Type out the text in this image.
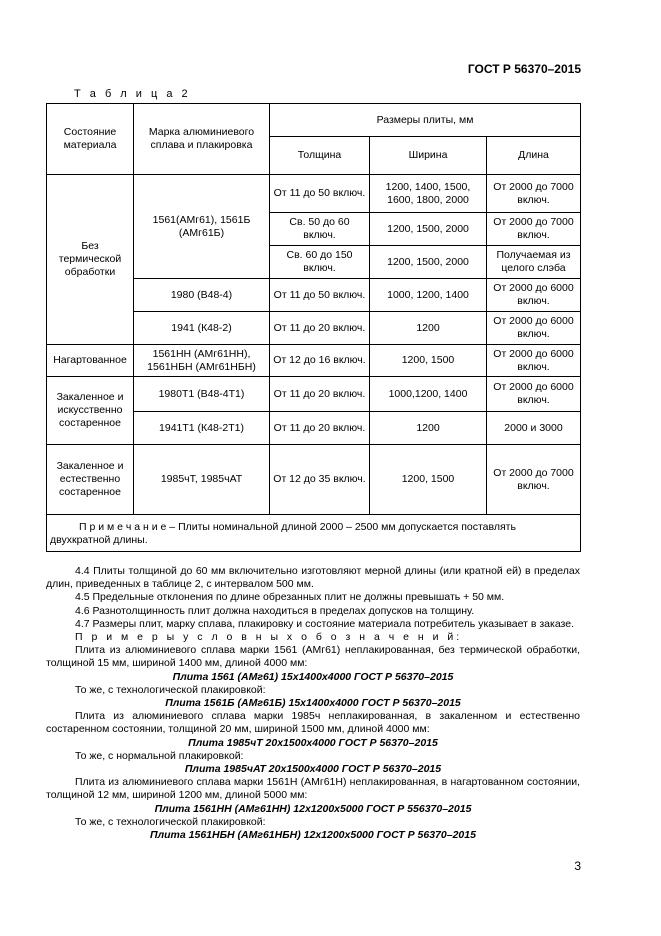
ГОСТ Р 56370–2015
Т а б л и ц а 2
Состояние материала	Марка алюминиевого сплава и плакировка	Размеры плиты, мм		
		Толщина	Ширина	Длина
Без термической обработки	1561(АМг61), 1561Б (АМг61Б)	От 11 до 50 включ.	1200, 1400, 1500, 1600, 1800, 2000	От 2000 до 7000 включ.
		Св. 50 до 60 включ.	1200, 1500, 2000	От 2000 до 7000 включ.
		Св. 60 до 150 включ.	1200, 1500, 2000	Получаемая из целого слэба
	1980 (В48-4)	От 11 до 50 включ.	1000, 1200, 1400	От 2000 до 6000 включ.
	1941 (К48-2)	От 11 до 20 включ.	1200	От 2000 до 6000 включ.
Нагартованное	1561НН (АМг61НН), 1561НБН (АМг61НБН)	От 12 до 16 включ.	1200, 1500	От 2000 до 6000 включ.
Закаленное и искусственно состаренное	1980Т1 (В48-4Т1)	От 11 до 20 включ.	1000,1200, 1400	От 2000 до 6000 включ.
	1941Т1 (К48-2Т1)	От 11 до 20 включ.	1200	2000 и 3000
Закаленное и естественно состаренное	1985чТ, 1985чАТ	От 12 до 35 включ.	1200, 1500	От 2000 до 7000 включ.
П р и м е ч а н и е – Плиты номинальной длиной 2000 – 2500 мм допускается поставлять двухкратной длины.				

4.4 Плиты толщиной до 60 мм включительно изготовляют мерной длины (или кратной ей) в пределах длин, приведенных в таблице 2, с интервалом 500 мм.

4.5 Предельные отклонения по длине обрезанных плит не должны превышать + 50 мм.

4.6 Разнотолщинность плит должна находиться в пределах допусков на толщину.

4.7 Размеры плит, марку сплава, плакировку и состояние материала потребитель указывает в заказе.

П р и м е р ы у с л о в н ы х о б о з н а ч е н и й:

Плита из алюминиевого сплава марки 1561 (АМг61) неплакированная, без термической обработки, толщиной 15 мм, шириной 1400 мм, длиной 4000 мм:

Плита 1561 (АМг61) 15х1400х4000 ГОСТ Р 56370–2015

То же, с технологической плакировкой:

Плита 1561Б (АМг61Б) 15х1400х4000 ГОСТ Р 56370–2015

Плита из алюминиевого сплава марки 1985ч неплакированная, в закаленном и естественно состаренном состоянии, толщиной 20 мм, шириной 1500 мм, длиной 4000 мм:

Плита 1985чТ 20х1500х4000 ГОСТ Р 56370–2015

То же, с нормальной плакировкой:

Плита 1985чАТ 20х1500х4000 ГОСТ Р 56370–2015

Плита из алюминиевого сплава марки 1561Н (АМг61Н) неплакированная, в нагартованном состоянии, толщиной 12 мм, шириной 1200 мм, длиной 5000 мм:

Плита 1561НН (АМг61НН) 12х1200х5000 ГОСТ Р 556370–2015

То же, с технологической плакировкой:

Плита 1561НБН (АМг61НБН) 12х1200х5000 ГОСТ Р 56370–2015

3
